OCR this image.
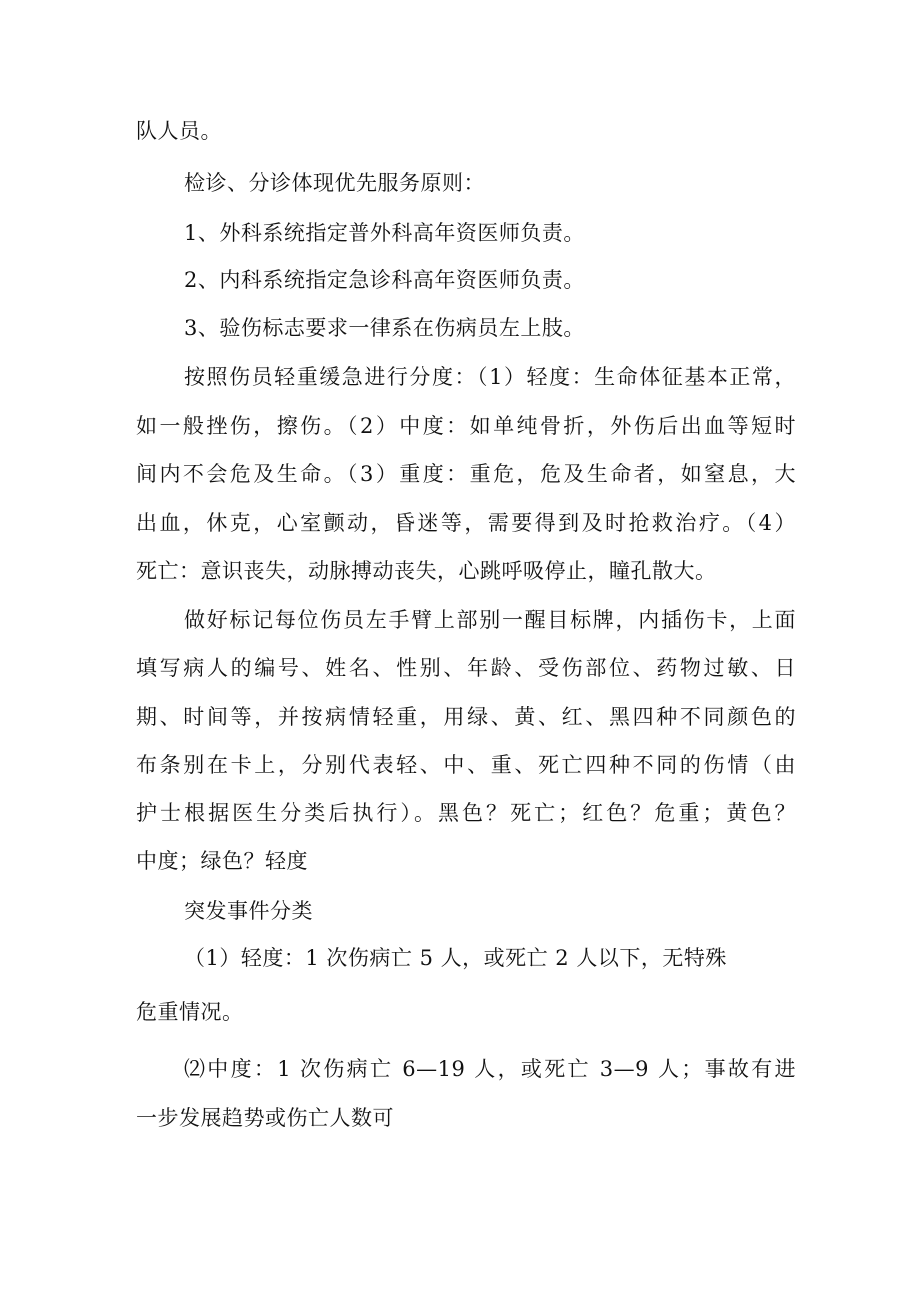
队人员。
检诊、分诊体现优先服务原则：
1、外科系统指定普外科高年资医师负责。
2、内科系统指定急诊科高年资医师负责。
3、验伤标志要求一律系在伤病员左上肢。
按照伤员轻重缓急进行分度：（1）轻度：生命体征基本正常，
如一般挫伤，擦伤。（2）中度：如单纯骨折，外伤后出血等短时
间内不会危及生命。（3）重度：重危，危及生命者，如窒息，大
出血，休克，心室颤动，昏迷等，需要得到及时抢救治疗。（4）
死亡：意识丧失，动脉搏动丧失，心跳呼吸停止，瞳孔散大。
做好标记每位伤员左手臂上部别一醒目标牌，内插伤卡，上面
填写病人的编号、姓名、性别、年龄、受伤部位、药物过敏、日
期、时间等，并按病情轻重，用绿、黄、红、黑四种不同颜色的
布条别在卡上，分别代表轻、中、重、死亡四种不同的伤情（由
护士根据医生分类后执行）。黑色？死亡；红色？危重；黄色？
中度；绿色？轻度
突发事件分类
（1）轻度：1 次伤病亡 5 人，或死亡 2 人以下，无特殊
危重情况。
⑵中度：1 次伤病亡 6—19 人，或死亡 3—9 人；事故有进
一步发展趋势或伤亡人数可
